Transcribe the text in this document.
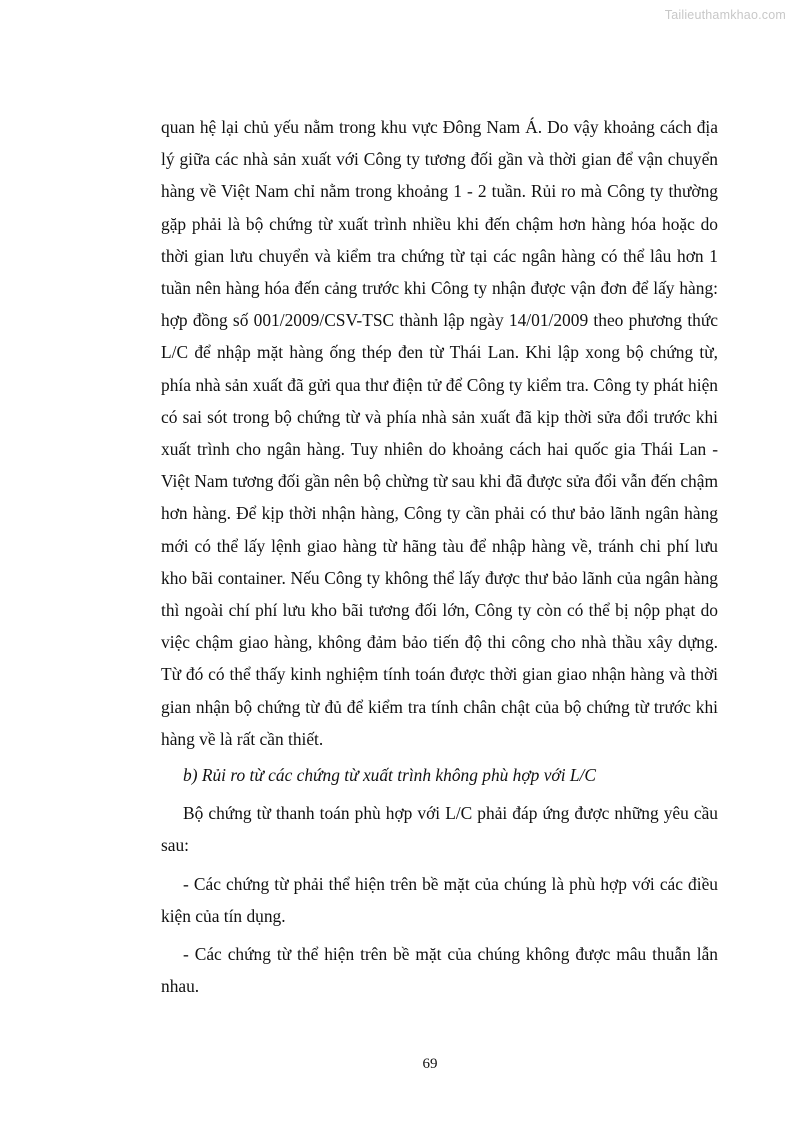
Tailieuthamkhao.com

quan hệ lại chủ yếu nằm trong khu vực Đông Nam Á. Do vậy khoảng cách địa lý giữa các nhà sản xuất với Công ty tương đối gần và thời gian để vận chuyển hàng về Việt Nam chỉ nằm trong khoảng 1 - 2 tuần. Rủi ro mà Công ty thường gặp phải là bộ chứng từ xuất trình nhiều khi đến chậm hơn hàng hóa hoặc do thời gian lưu chuyển và kiểm tra chứng từ tại các ngân hàng có thể lâu hơn 1 tuần nên hàng hóa đến cảng trước khi Công ty nhận được vận đơn để lấy hàng: hợp đồng số 001/2009/CSV-TSC thành lập ngày 14/01/2009 theo phương thức L/C để nhập mặt hàng ống thép đen từ Thái Lan. Khi lập xong bộ chứng từ, phía nhà sản xuất đã gửi qua thư điện tử để Công ty kiểm tra. Công ty phát hiện có sai sót trong bộ chứng từ và phía nhà sản xuất đã kịp thời sửa đổi trước khi xuất trình cho ngân hàng. Tuy nhiên do khoảng cách hai quốc gia Thái Lan - Việt Nam tương đối gần nên bộ chừng từ sau khi đã được sửa đổi vẫn đến chậm hơn hàng. Để kịp thời nhận hàng, Công ty cần phải có thư bảo lãnh ngân hàng mới có thể lấy lệnh giao hàng từ hãng tàu để nhập hàng về, tránh chi phí lưu kho bãi container. Nếu Công ty không thể lấy được thư bảo lãnh của ngân hàng thì ngoài chí phí lưu kho bãi tương đối lớn, Công ty còn có thể bị nộp phạt do việc chậm giao hàng, không đảm bảo tiến độ thi công cho nhà thầu xây dựng. Từ đó có thể thấy kinh nghiệm tính toán được thời gian giao nhận hàng và thời gian nhận bộ chứng từ đủ để kiểm tra tính chân chật của bộ chứng từ trước khi hàng về là rất cần thiết.

b) Rủi ro từ các chứng từ xuất trình không phù hợp với L/C

Bộ chứng từ thanh toán phù hợp với L/C phải đáp ứng được những yêu cầu sau:

- Các chứng từ phải thể hiện trên bề mặt của chúng là phù hợp với các điều kiện của tín dụng.

- Các chứng từ thể hiện trên bề mặt của chúng không được mâu thuẫn lẫn nhau.

69
